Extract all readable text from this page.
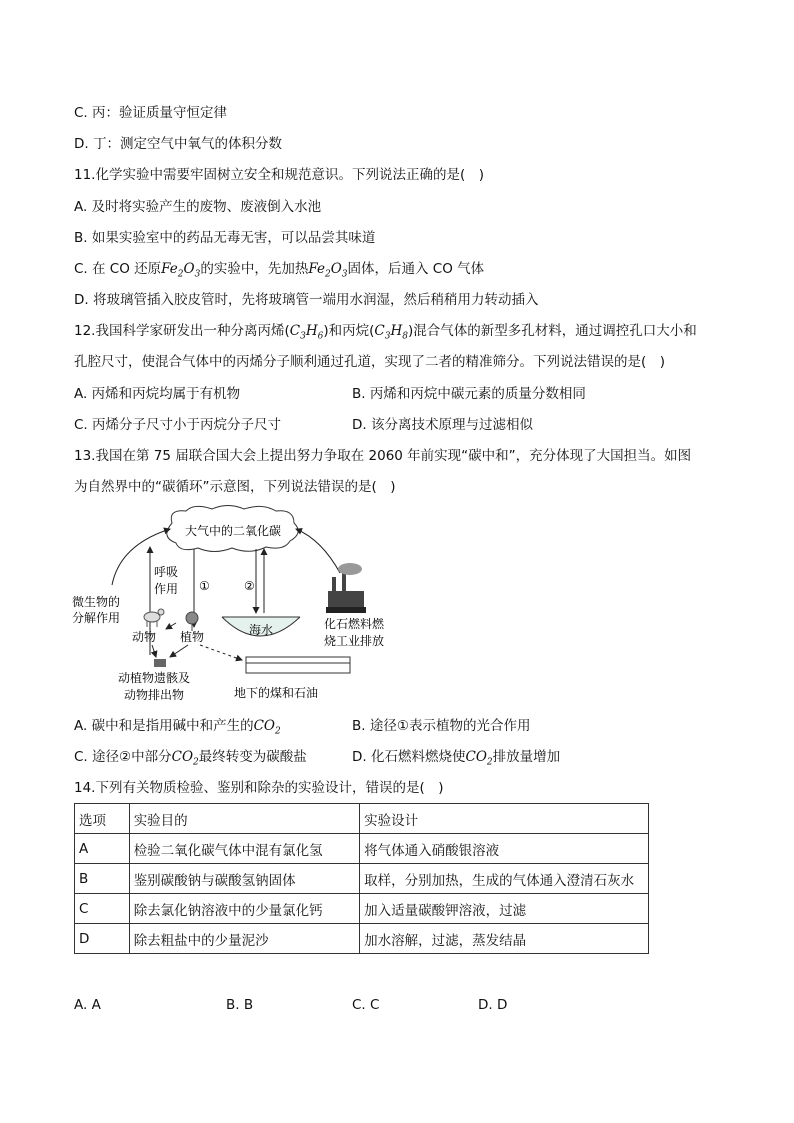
C. 丙：验证质量守恒定律
D. 丁：测定空气中氧气的体积分数
11.化学实验中需要牢固树立安全和规范意识。下列说法正确的是(　)
A. 及时将实验产生的废物、废液倒入水池
B. 如果实验室中的药品无毒无害，可以品尝其味道
C. 在 CO 还原$Fe_2O_3$的实验中，先加热$Fe_2O_3$固体，后通入 CO 气体
D. 将玻璃管插入胶皮管时，先将玻璃管一端用水润湿，然后稍稍用力转动插入
12.我国科学家研发出一种分离丙烯$(C_3H_6)$和丙烷$(C_3H_8)$混合气体的新型多孔材料，通过调控孔口大小和
孔腔尺寸，使混合气体中的丙烯分子顺利通过孔道，实现了二者的精准筛分。下列说法错误的是(　)
A. 丙烯和丙烷均属于有机物	B. 丙烯和丙烷中碳元素的质量分数相同
C. 丙烯分子尺寸小于丙烷分子尺寸	D. 该分离技术原理与过滤相似
13.我国在第 75 届联合国大会上提出努力争取在 2060 年前实现“碳中和”，充分体现了大国担当。如图
为自然界中的“碳循环”示意图，下列说法错误的是(　)
大气中的二氧化碳
呼吸
作用 ①	②
海水
微生物的
分解作用
动物 植物
动植物遗骸及
动物排出物	地下的煤和石油
化石燃料燃
烧工业排放
A. 碳中和是指用碱中和产生的$CO_2$	B. 途径①表示植物的光合作用
C. 途径②中部分$CO_2$最终转变为碳酸盐	D. 化石燃料燃烧使$CO_2$排放量增加
14.下列有关物质检验、鉴别和除杂的实验设计，错误的是(　)
选项	实验目的	实验设计
A	检验二氧化碳气体中混有氯化氢	将气体通入硝酸银溶液
B	鉴别碳酸钠与碳酸氢钠固体	取样，分别加热，生成的气体通入澄清石灰水
C	除去氯化钠溶液中的少量氯化钙	加入适量碳酸钾溶液，过滤
D	除去粗盐中的少量泥沙	加水溶解，过滤，蒸发结晶
A. A	B. B	C. C	D. D
